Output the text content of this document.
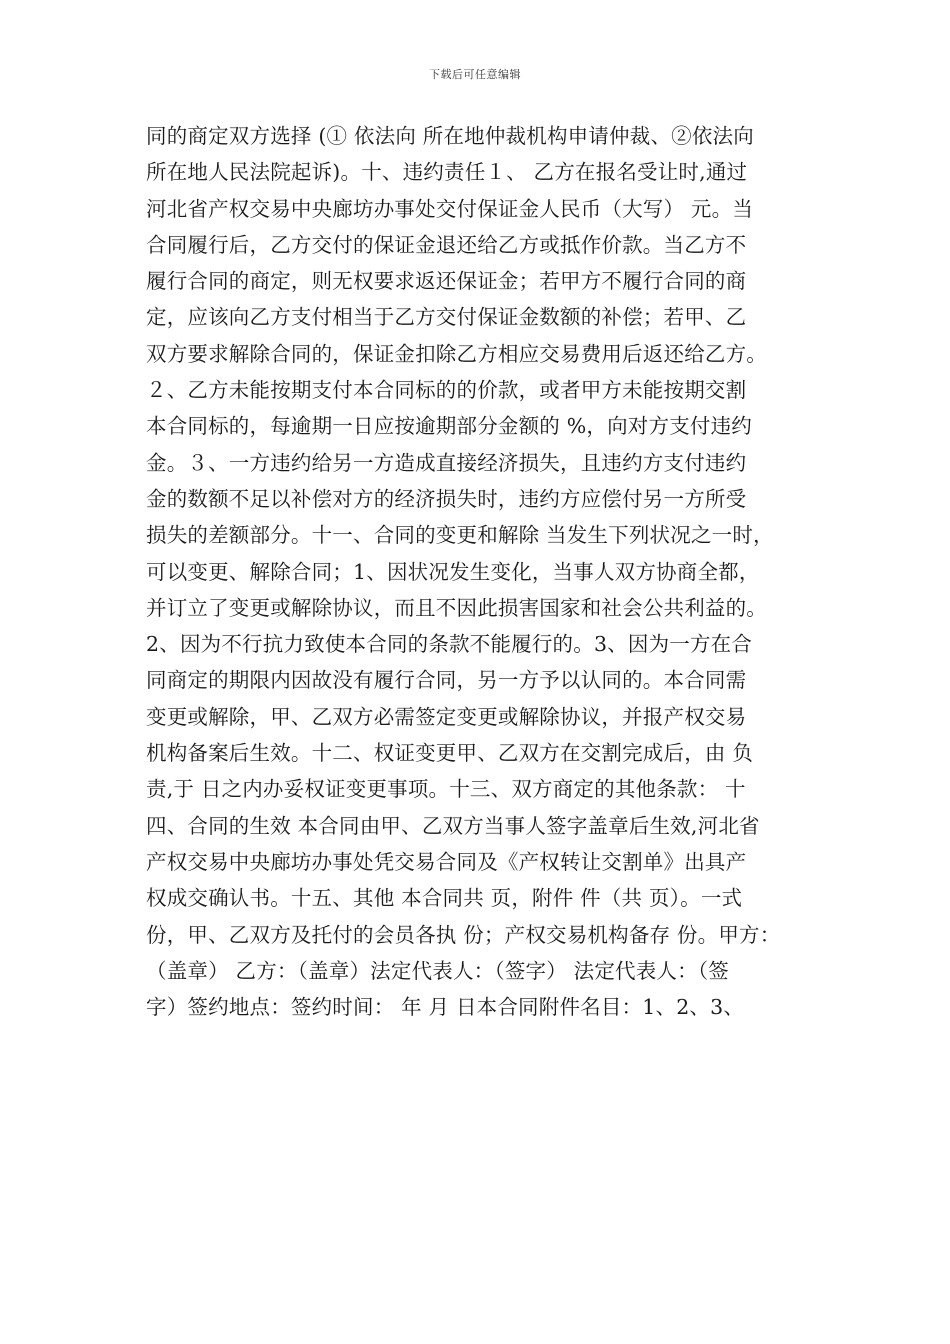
下载后可任意编辑
同的商定双方选择 (① 依法向 所在地仲裁机构申请仲裁、②依法向
所在地人民法院起诉)。十、违约责任１、 乙方在报名受让时,通过
河北省产权交易中央廊坊办事处交付保证金人民币（大写） 元。当
合同履行后，乙方交付的保证金退还给乙方或抵作价款。当乙方不
履行合同的商定，则无权要求返还保证金；若甲方不履行合同的商
定，应该向乙方支付相当于乙方交付保证金数额的补偿；若甲、乙
双方要求解除合同的，保证金扣除乙方相应交易费用后返还给乙方。
２、乙方未能按期支付本合同标的的价款，或者甲方未能按期交割
本合同标的，每逾期一日应按逾期部分金额的 %，向对方支付违约
金。３、一方违约给另一方造成直接经济损失，且违约方支付违约
金的数额不足以补偿对方的经济损失时，违约方应偿付另一方所受
损失的差额部分。十一、合同的变更和解除 当发生下列状况之一时，
可以变更、解除合同；1、因状况发生变化，当事人双方协商全都，
并订立了变更或解除协议，而且不因此损害国家和社会公共利益的。
2、因为不行抗力致使本合同的条款不能履行的。3、因为一方在合
同商定的期限内因故没有履行合同，另一方予以认同的。本合同需
变更或解除，甲、乙双方必需签定变更或解除协议，并报产权交易
机构备案后生效。十二、权证变更甲、乙双方在交割完成后，由 负
责,于 日之内办妥权证变更事项。十三、双方商定的其他条款： 十
四、合同的生效 本合同由甲、乙双方当事人签字盖章后生效,河北省
产权交易中央廊坊办事处凭交易合同及《产权转让交割单》出具产
权成交确认书。十五、其他 本合同共 页，附件 件（共 页）。一式
份，甲、乙双方及托付的会员各执 份；产权交易机构备存 份。甲方：
（盖章） 乙方：（盖章）法定代表人：（签字） 法定代表人：（签
字）签约地点：签约时间： 年 月 日本合同附件名目：1、2、3、
